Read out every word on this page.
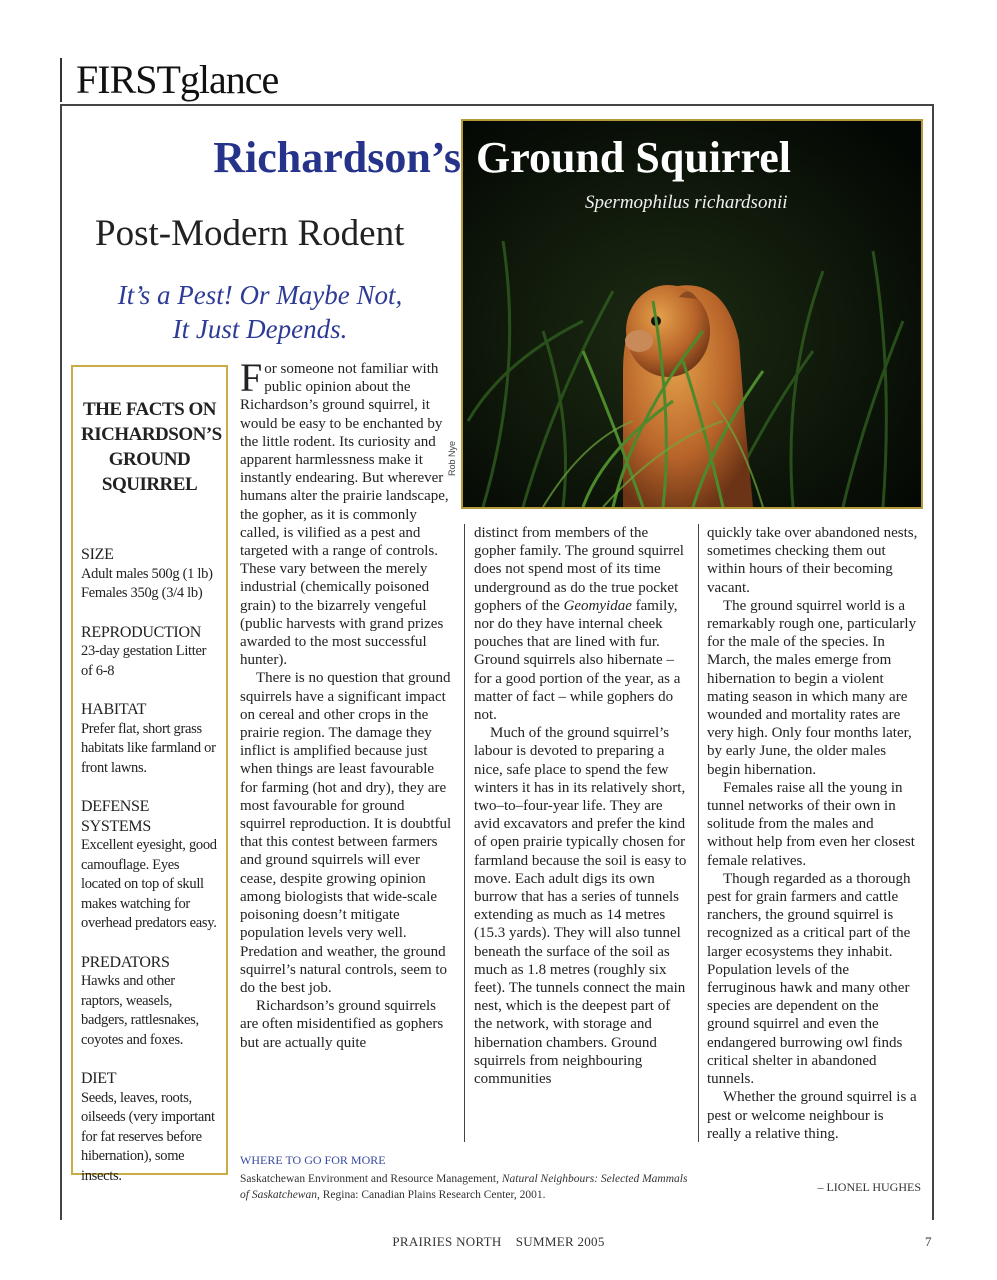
FIRSTglance
Richardson’s Ground Squirrel
Spermophilus richardsonii
Rob Nye
Post-Modern Rodent
It’s a Pest! Or Maybe Not,
It Just Depends.
THE FACTS ON RICHARDSON’S GROUND SQUIRREL
SIZE
Adult males 500g (1 lb) Females 350g (3/4 lb)
REPRODUCTION
23-day gestation Litter of 6-8
HABITAT
Prefer flat, short grass habitats like farmland or front lawns.
DEFENSE SYSTEMS
Excellent eyesight, good camouflage. Eyes located on top of skull makes watching for overhead predators easy.
PREDATORS
Hawks and other raptors, weasels, badgers, rattlesnakes, coyotes and foxes.
DIET
Seeds, leaves, roots, oilseeds (very important for fat reserves before hibernation), some insects.

For someone not familiar with public opinion about the Richardson’s ground squirrel, it would be easy to be enchanted by the little rodent. Its curiosity and apparent harmlessness make it instantly endearing. But wherever humans alter the prairie landscape, the gopher, as it is commonly called, is vilified as a pest and targeted with a range of controls. These vary between the merely industrial (chemically poisoned grain) to the bizarrely vengeful (public harvests with grand prizes awarded to the most successful hunter).

There is no question that ground squirrels have a significant impact on cereal and other crops in the prairie region. The damage they inflict is amplified because just when things are least favourable for farming (hot and dry), they are most favourable for ground squirrel reproduction. It is doubtful that this contest between farmers and ground squirrels will ever cease, despite growing opinion among biologists that wide-scale poisoning doesn’t mitigate population levels very well. Predation and weather, the ground squirrel’s natural controls, seem to do the best job.

Richardson’s ground squirrels are often misidentified as gophers but are actually quite

distinct from members of the gopher family. The ground squirrel does not spend most of its time underground as do the true pocket gophers of the Geomyidae family, nor do they have internal cheek pouches that are lined with fur. Ground squirrels also hibernate – for a good portion of the year, as a matter of fact – while gophers do not.

Much of the ground squirrel’s labour is devoted to preparing a nice, safe place to spend the few winters it has in its relatively short, two–to–four-year life. They are avid excavators and prefer the kind of open prairie typically chosen for farmland because the soil is easy to move. Each adult digs its own burrow that has a series of tunnels extending as much as 14 metres (15.3 yards). They will also tunnel beneath the surface of the soil as much as 1.8 metres (roughly six feet). The tunnels connect the main nest, which is the deepest part of the network, with storage and hibernation chambers. Ground squirrels from neighbouring communities

quickly take over abandoned nests, sometimes checking them out within hours of their becoming vacant.

The ground squirrel world is a remarkably rough one, particularly for the male of the species. In March, the males emerge from hibernation to begin a violent mating season in which many are wounded and mortality rates are very high. Only four months later, by early June, the older males begin hibernation.

Females raise all the young in tunnel networks of their own in solitude from the males and without help from even her closest female relatives.

Though regarded as a thorough pest for grain farmers and cattle ranchers, the ground squirrel is recognized as a critical part of the larger ecosystems they inhabit. Population levels of the ferruginous hawk and many other species are dependent on the ground squirrel and even the endangered burrowing owl finds critical shelter in abandoned tunnels.

Whether the ground squirrel is a pest or welcome neighbour is really a relative thing.

WHERE TO GO FOR MORE
Saskatchewan Environment and Resource Management, Natural Neighbours: Selected Mammals of Saskatchewan, Regina: Canadian Plains Research Center, 2001.
– LIONEL HUGHES
PRAIRIES NORTH    SUMMER 2005	7
